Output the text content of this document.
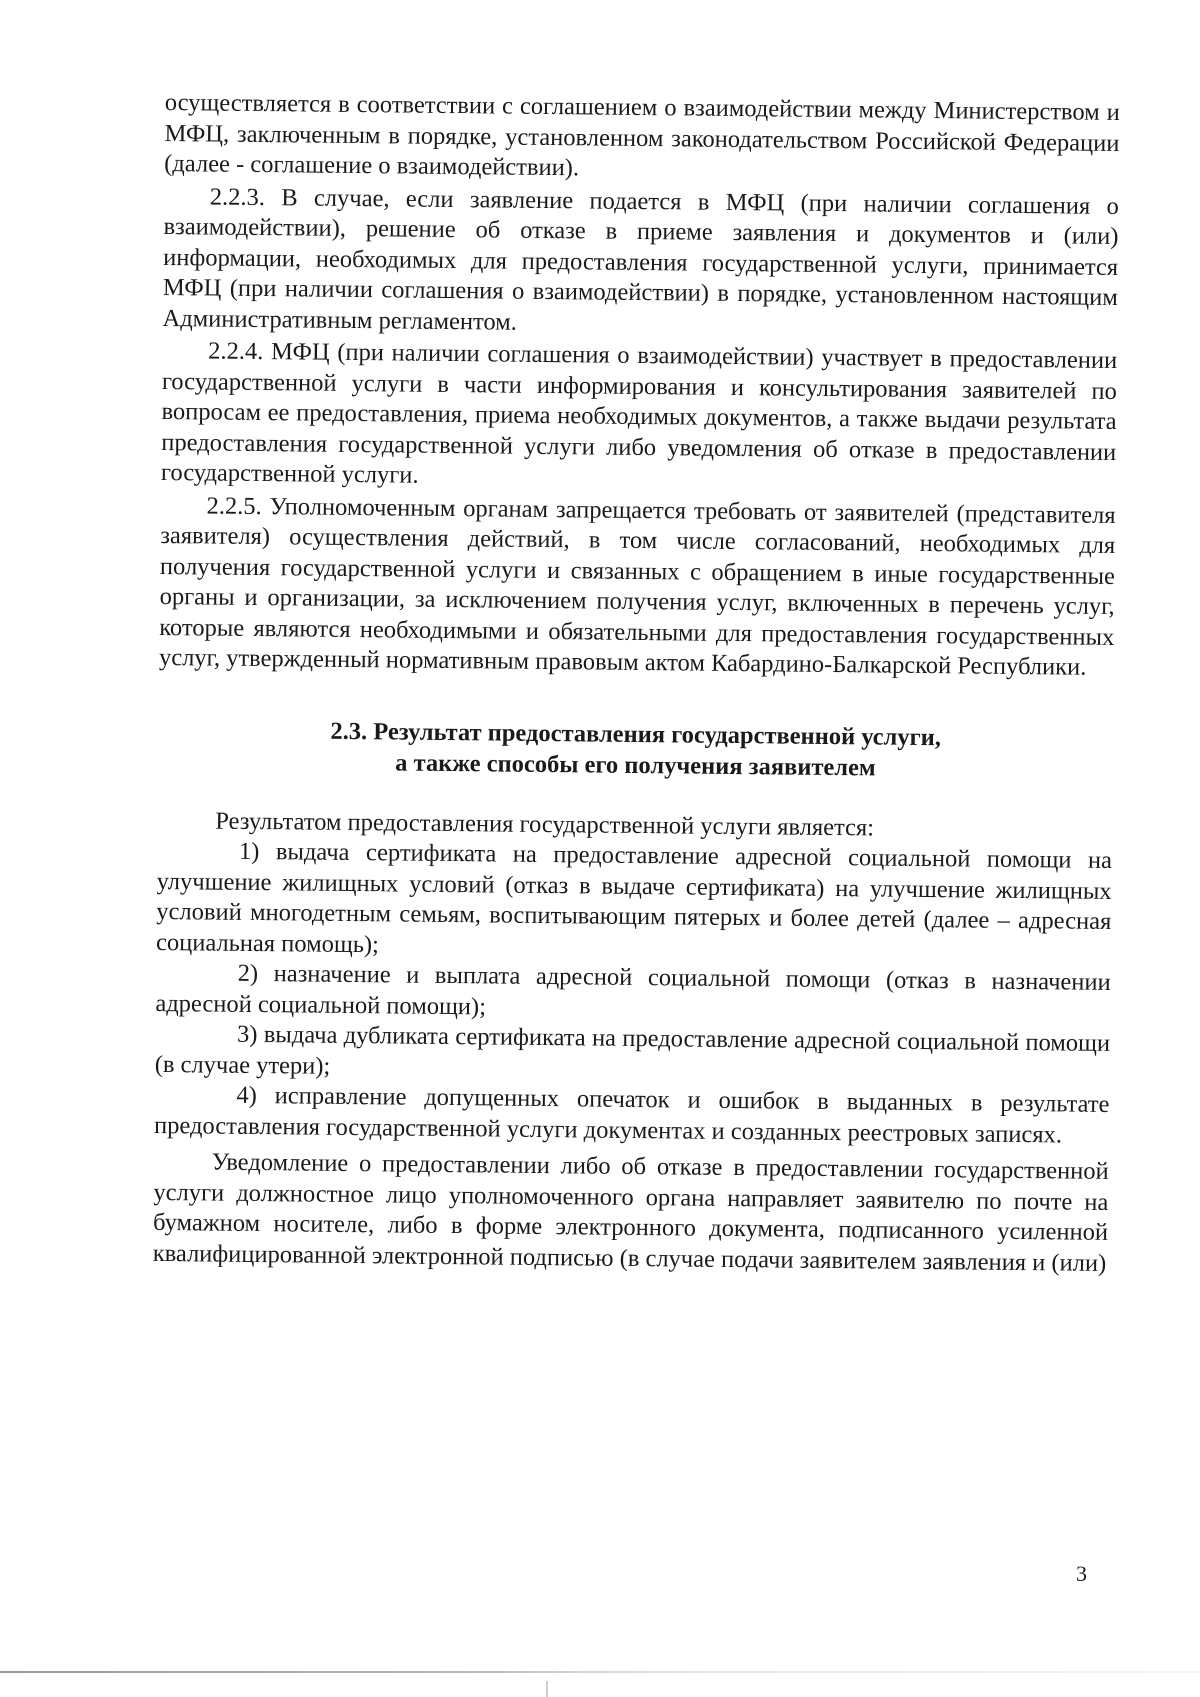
осуществляется в соответствии с соглашением о взаимодействии между Министерством и МФЦ, заключенным в порядке, установленном законодательством Российской Федерации (далее - соглашение о взаимодействии).

2.2.3. В случае, если заявление подается в МФЦ (при наличии соглашения о взаимодействии), решение об отказе в приеме заявления и документов и (или) информации, необходимых для предоставления государственной услуги, принимается МФЦ (при наличии соглашения о взаимодействии) в порядке, установленном настоящим Административным регламентом.

2.2.4. МФЦ (при наличии соглашения о взаимодействии) участвует в предоставлении государственной услуги в части информирования и консультирования заявителей по вопросам ее предоставления, приема необходимых документов, а также выдачи результата предоставления государственной услуги либо уведомления об отказе в предоставлении государственной услуги.

2.2.5. Уполномоченным органам запрещается требовать от заявителей (представителя заявителя) осуществления действий, в том числе согласований, необходимых для получения государственной услуги и связанных с обращением в иные государственные органы и организации, за исключением получения услуг, включенных в перечень услуг, которые являются необходимыми и обязательными для предоставления государственных услуг, утвержденный нормативным правовым актом Кабардино-Балкарской Республики.

2.3. Результат предоставления государственной услуги,
а также способы его получения заявителем

Результатом предоставления государственной услуги является:

1) выдача сертификата на предоставление адресной социальной помощи на улучшение жилищных условий (отказ в выдаче сертификата) на улучшение жилищных условий многодетным семьям, воспитывающим пятерых и более детей (далее – адресная социальная помощь);

2) назначение и выплата адресной социальной помощи (отказ в назначении адресной социальной помощи);

3) выдача дубликата сертификата на предоставление адресной социальной помощи (в случае утери);

4) исправление допущенных опечаток и ошибок в выданных в результате предоставления государственной услуги документах и созданных реестровых записях.

Уведомление о предоставлении либо об отказе в предоставлении государственной услуги должностное лицо уполномоченного органа направляет заявителю по почте на бумажном носителе, либо в форме электронного документа, подписанного усиленной квалифицированной электронной подписью (в случае подачи заявителем заявления и (или)

3
